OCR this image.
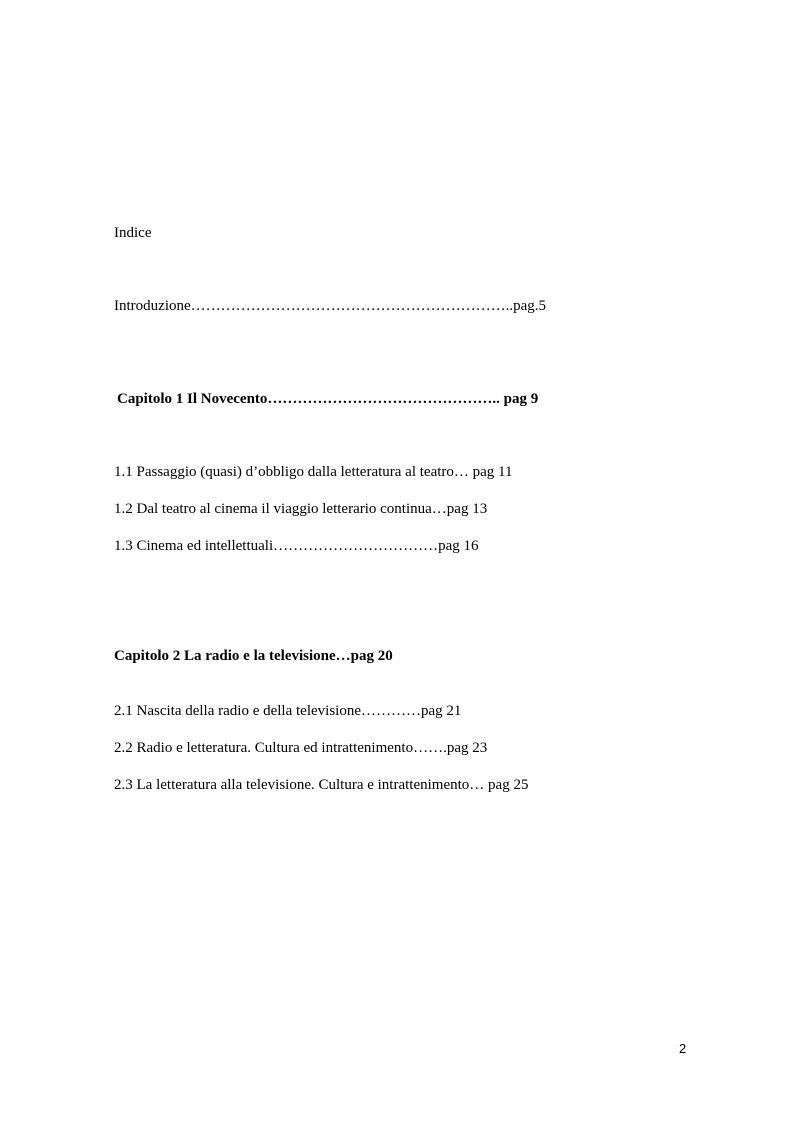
Indice
Introduzione………………………………………………………..pag.5
Capitolo 1 Il Novecento……………………………………….. pag 9
1.1 Passaggio (quasi) d’obbligo dalla letteratura al teatro… pag 11
1.2 Dal teatro al cinema il viaggio letterario continua…pag 13
1.3 Cinema ed intellettuali……………………………pag 16
Capitolo 2 La radio e la televisione…pag 20
2.1 Nascita della radio e della televisione…………pag 21
2.2 Radio e letteratura. Cultura ed intrattenimento…….pag 23
2.3 La letteratura alla televisione. Cultura e intrattenimento… pag 25
2
